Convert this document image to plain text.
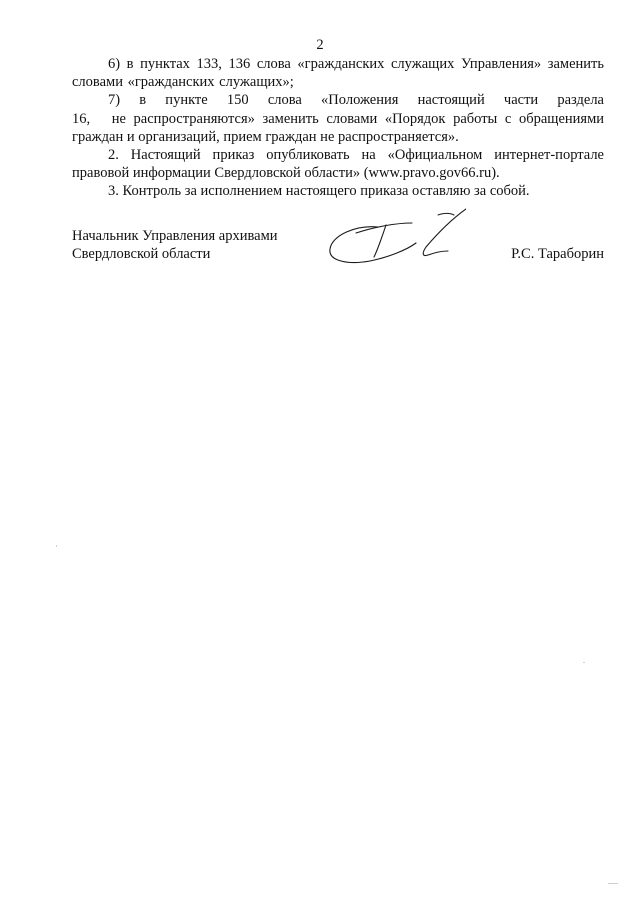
2

6) в пунктах 133, 136 слова «гражданских служащих Управления» заменить словами «гражданских служащих»;

7) в пункте 150 слова «Положения настоящий части раздела 16, не распространяются» заменить словами «Порядок работы с обращениями граждан и организаций, прием граждан не распространяется».

2. Настоящий приказ опубликовать на «Официальном интернет-портале правовой информации Свердловской области» (www.pravo.gov66.ru).

3. Контроль за исполнением настоящего приказа оставляю за собой.

Начальник Управления архивами
Свердловской области	Р.С. Тараборин
